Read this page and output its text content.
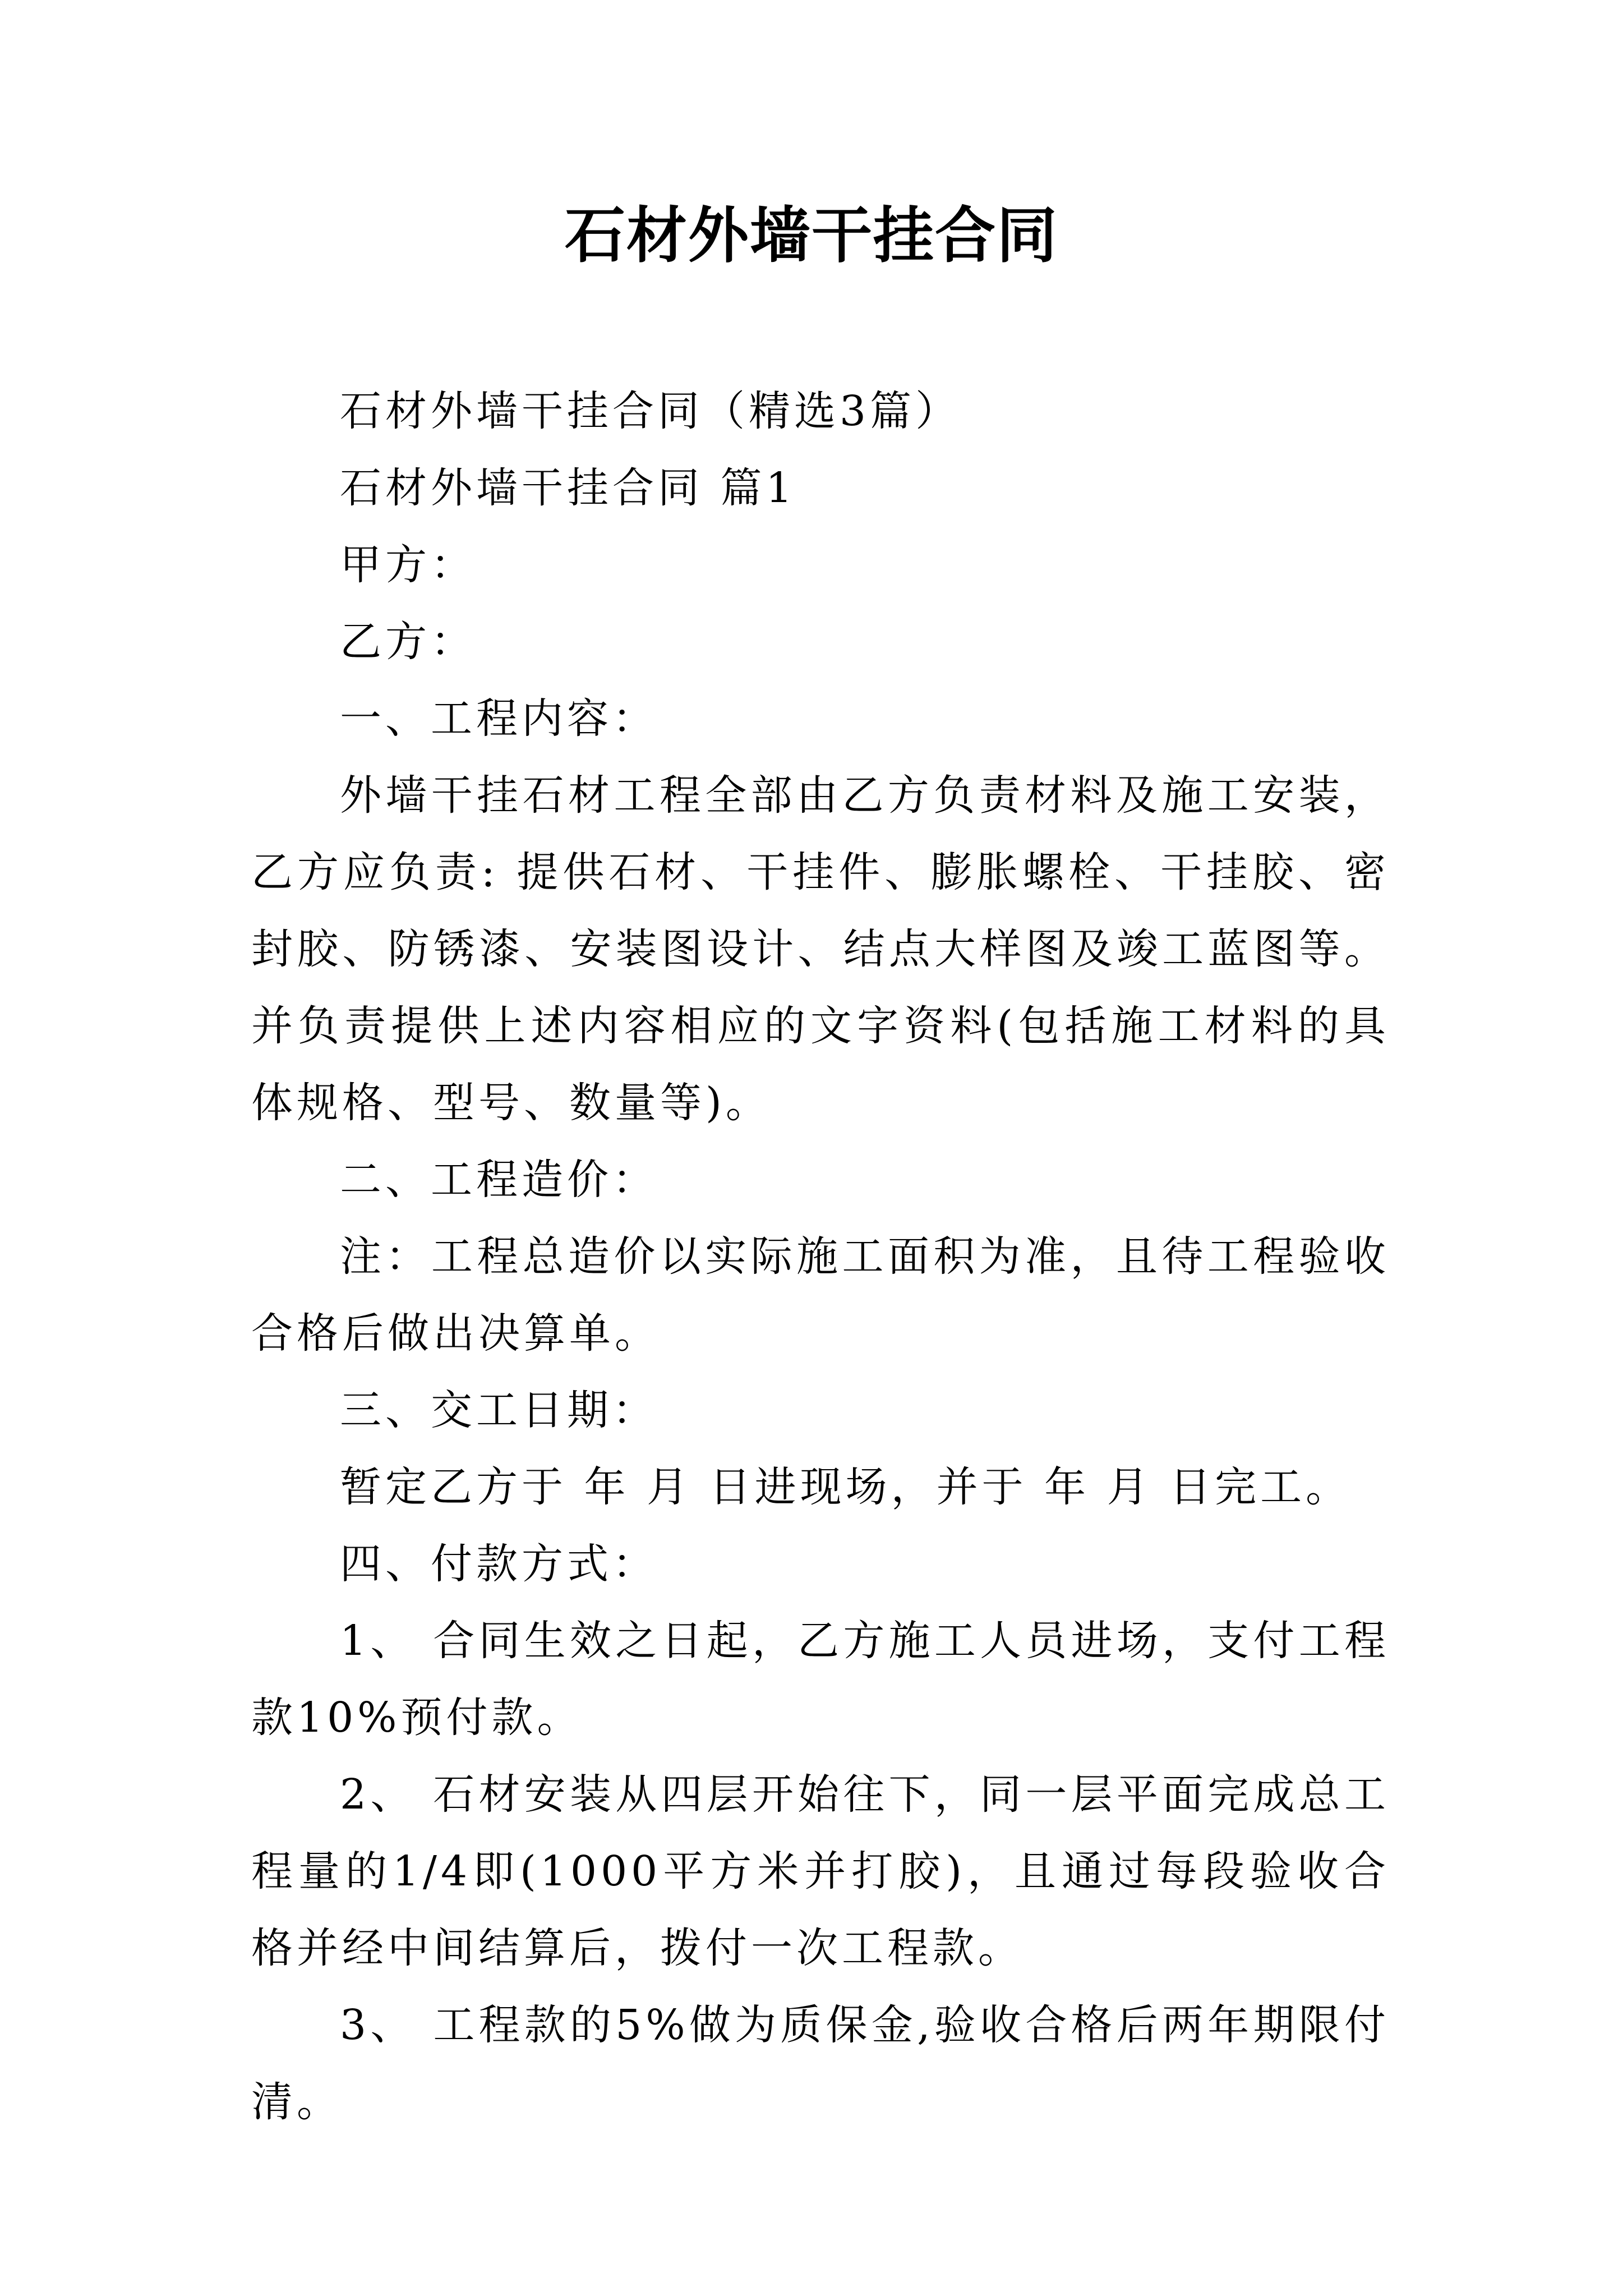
石材外墙干挂合同

石材外墙干挂合同（精选3篇）

石材外墙干挂合同 篇1

甲方：

乙方：

一、工程内容：

外墙干挂石材工程全部由乙方负责材料及施工安装，乙方应负责: 提供石材、干挂件、膨胀螺栓、干挂胶、密封胶、防锈漆、安装图设计、结点大样图及竣工蓝图等。并负责提供上述内容相应的文字资料(包括施工材料的具体规格、型号、数量等)。

二、工程造价：

注：工程总造价以实际施工面积为准，且待工程验收合格后做出决算单。

三、交工日期：

暂定乙方于 年 月 日进现场，并于 年 月 日完工。

四、付款方式：

1、 合同生效之日起，乙方施工人员进场，支付工程款10%预付款。

2、 石材安装从四层开始往下，同一层平面完成总工程量的1/4即(1000平方米并打胶)，且通过每段验收合格并经中间结算后，拨付一次工程款。

3、 工程款的5%做为质保金,验收合格后两年期限付清。
